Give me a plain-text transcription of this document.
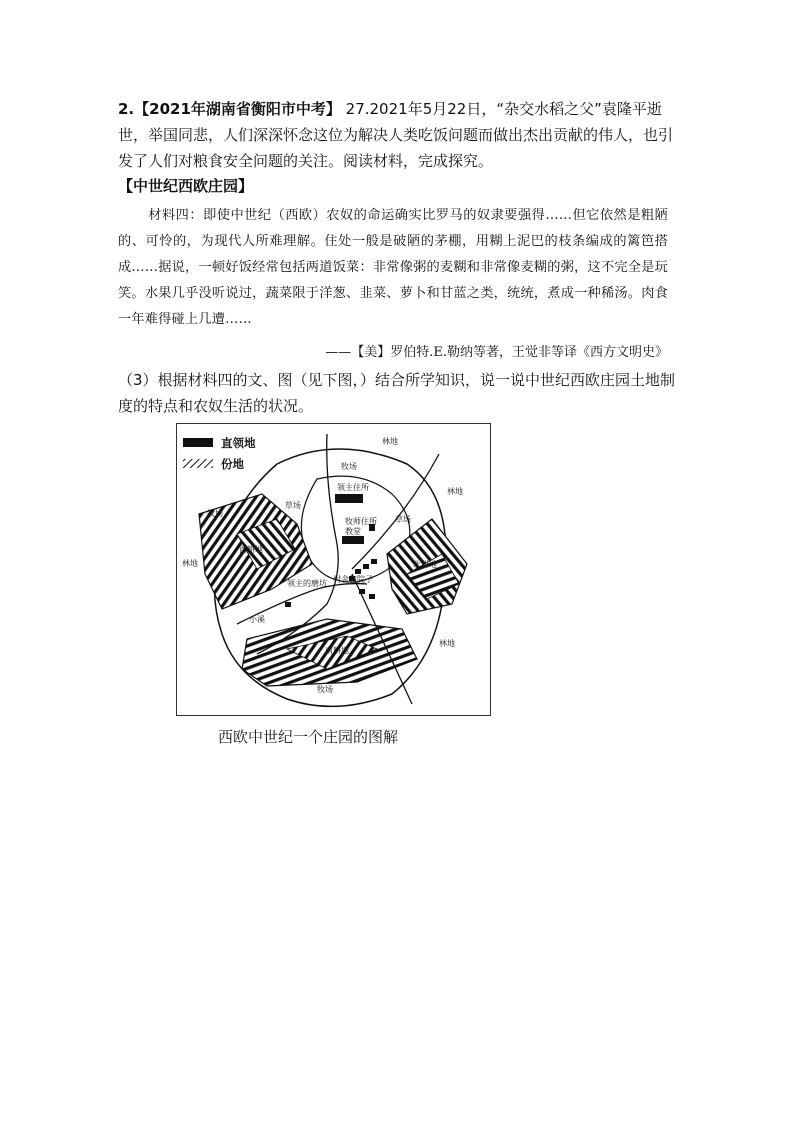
2.【2021年湖南省衡阳市中考】 27.2021年5月22日，“杂交水稻之父”袁隆平逝世，举国同悲，人们深深怀念这位为解决人类吃饭问题而做出杰出贡献的伟人，也引发了人们对粮食安全问题的关注。阅读材料，完成探究。
【中世纪西欧庄园】
材料四：即使中世纪（西欧）农奴的命运确实比罗马的奴隶要强得……但它依然是粗陋的、可怜的，为现代人所难理解。住处一般是破陋的茅棚，用糊上泥巴的枝条编成的篱笆搭成……据说，一顿好饭经常包括两道饭菜：非常像粥的麦糊和非常像麦糊的粥，这不完全是玩笑。水果几乎没听说过，蔬菜限于洋葱、韭菜、萝卜和甘蓝之类，统统，煮成一种稀汤。肉食一年难得碰上几遭……
——【美】罗伯特.E.勒纳等著，王觉非等译《西方文明史》
（3）根据材料四的文、图（见下图，）结合所学知识，说一说中世纪西欧庄园土地制度的特点和农奴生活的状况。
直领地
份地
林地
牧场
林地
领主住所
牧师住所
教堂
牧场
草场
草场
西耕地
北耕地
林地
领主的磨坊 村舍和院子
小溪
林地
南耕地
牧场
西欧中世纪一个庄园的图解
